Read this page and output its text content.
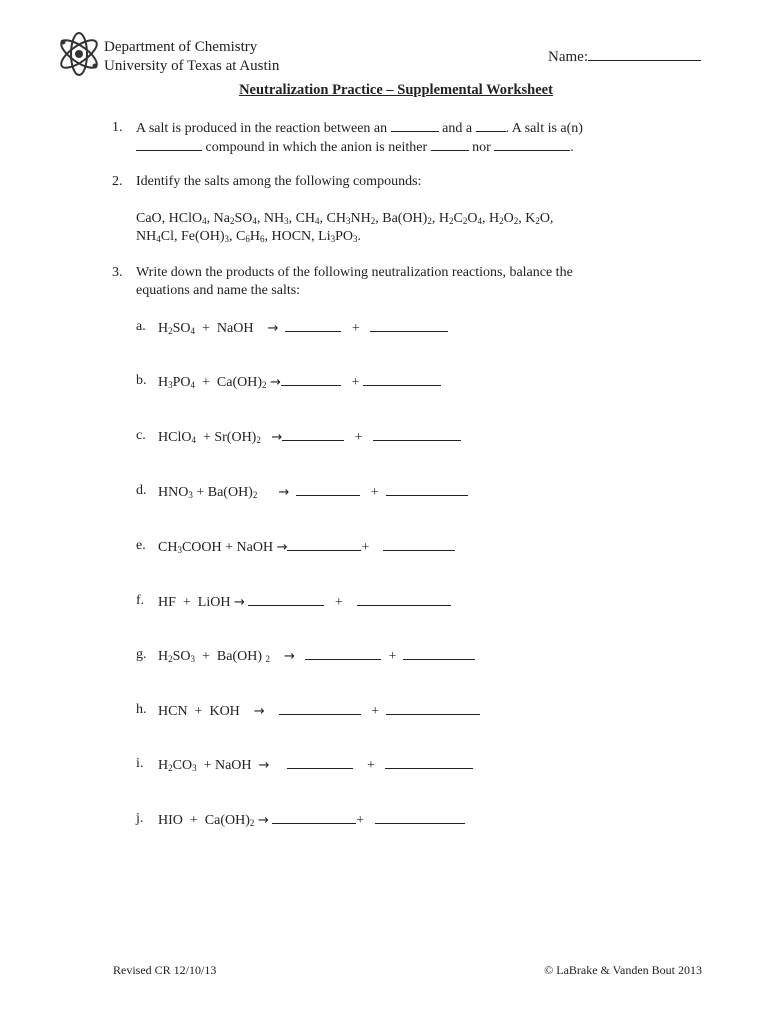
Department of Chemistry
University of Texas at Austin
Name:
Neutralization Practice – Supplemental Worksheet
1. A salt is produced in the reaction between an	and a . A salt is a(n)
compound in which the anion is neither	nor	.
2. Identify the salts among the following compounds:
CaO, HClO$_4$, $Na_2SO_4$, $NH_3$, $CH_4$, $CH_3NH_2$, $Ba(OH)_2$, $H_2C_2O_4$, $H_2O_2$, $K_2O$,
$NH_4Cl$, $Fe(OH)_3$, $C_6H_6$, HOCN, $Li_3PO_3$.
3. Write down the products of the following neutralization reactions, balance the
equations and name the salts:
a. $H_2SO_4$  +  NaOH    →	+
b. $H_3PO_4 + Ca(OH)_2$ →	+
c. HClO$_4$  + $Sr(OH)_2$ →	+
d. $HNO_3 + Ba(OH)_2$ →	+
e. $CH_3COOH$ + NaOH →	+
f. HF  +  LiOH →	+
g. $H_2SO_3 + Ba(OH) _2$ →	+
h. HCN  +  KOH    →	+
i. $H_2CO_3$  + NaOH  →	+
j. HIO  +  $Ca(OH)_2$ →	+
Revised CR 12/10/13	© LaBrake & Vanden Bout 2013
